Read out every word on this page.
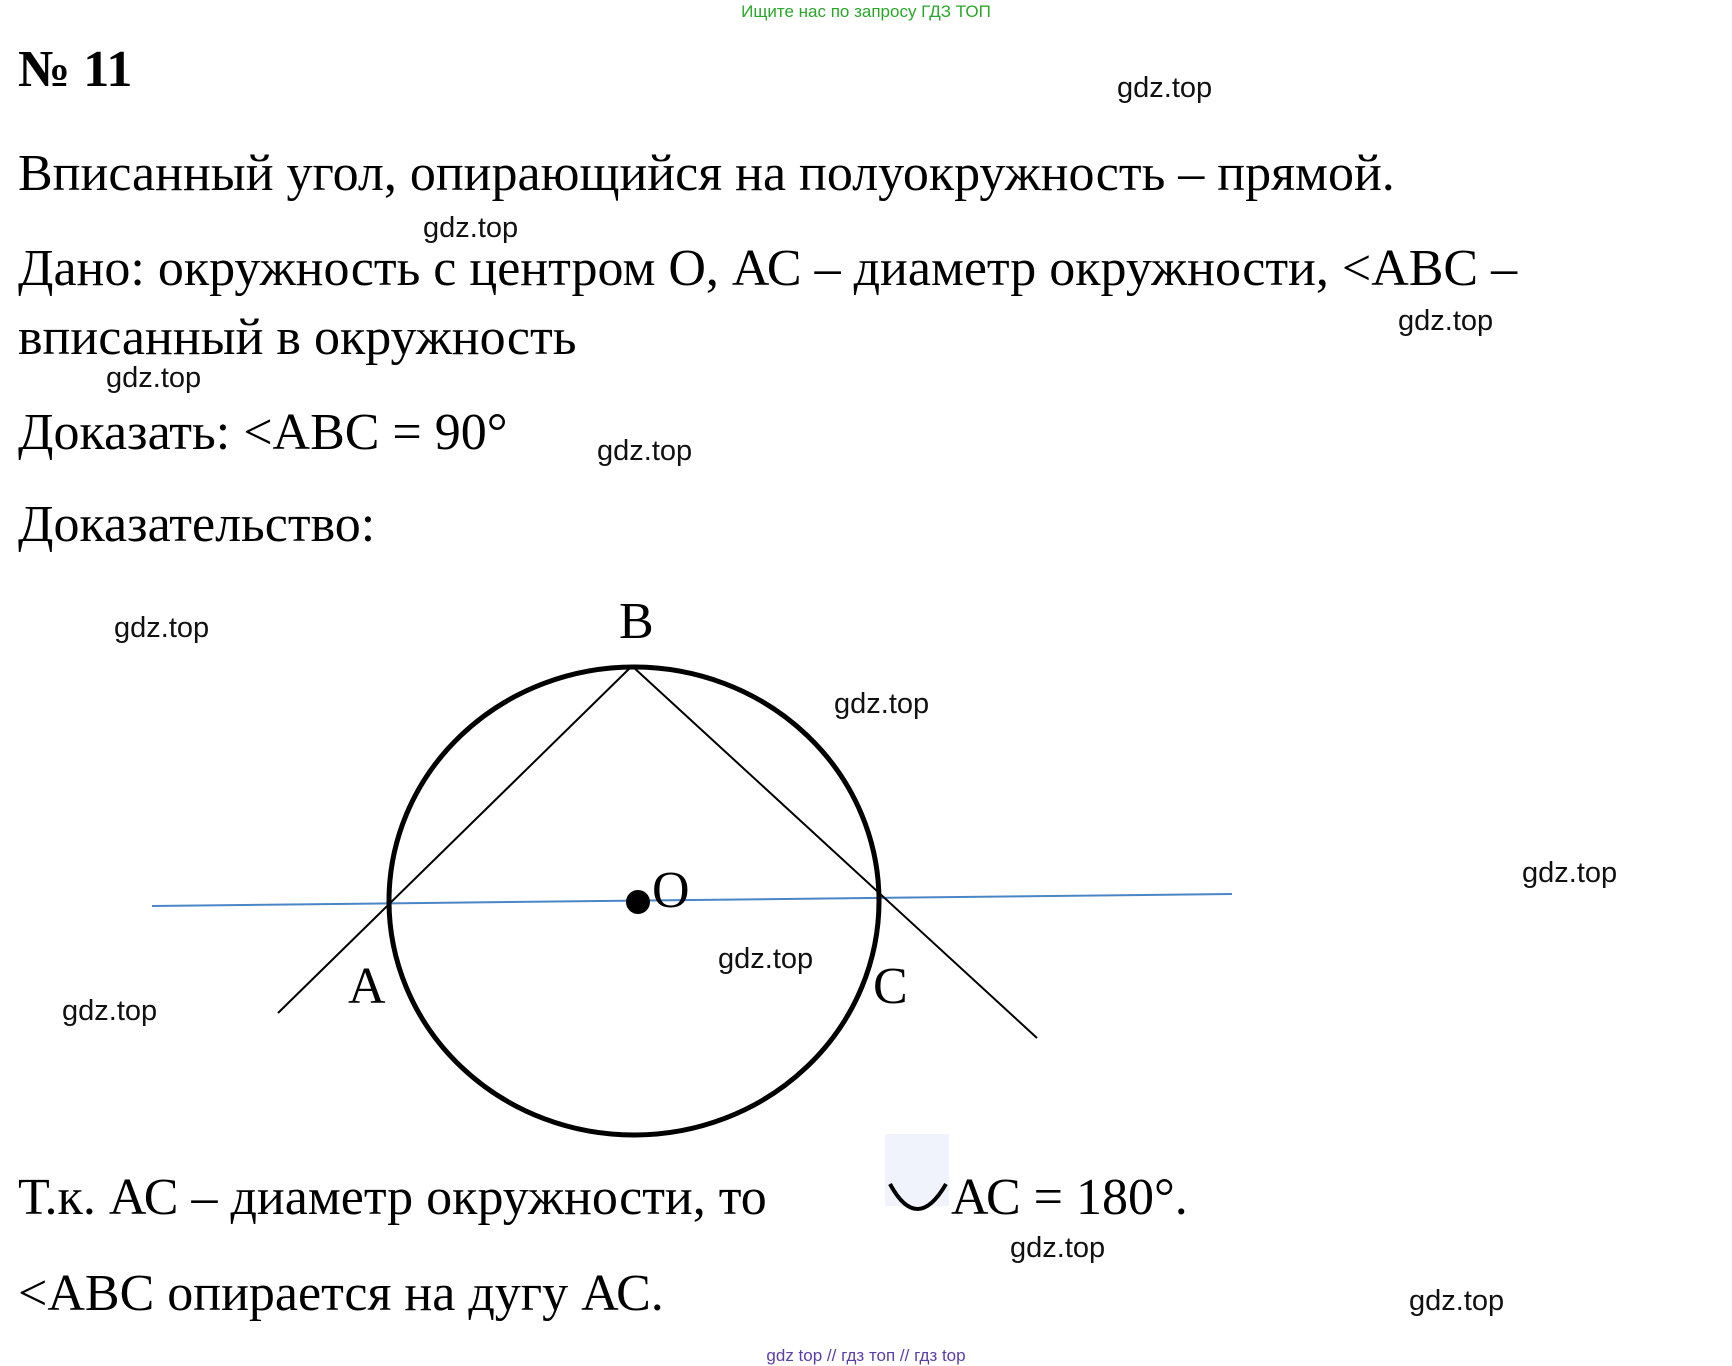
Ищите нас по запросу ГДЗ ТОП
№ 11
Вписанный угол, опирающийся на полуокружность – прямой.
Дано: окружность с центром О, АС – диаметр окружности, <АВС –
вписанный в окружность
Доказать: <АВС = 90°
Доказательство:
B
A	C
O
Т.к. АС – диаметр окружности, то	АС = 180°.
<АВС опирается на дугу АС.
gdz.top
gdz.top
gdz.top
gdz.top
gdz.top
gdz.top
gdz.top
gdz.top
gdz.top
gdz.top
gdz.top
gdz.top
gdz top // гдз топ // гдз top
